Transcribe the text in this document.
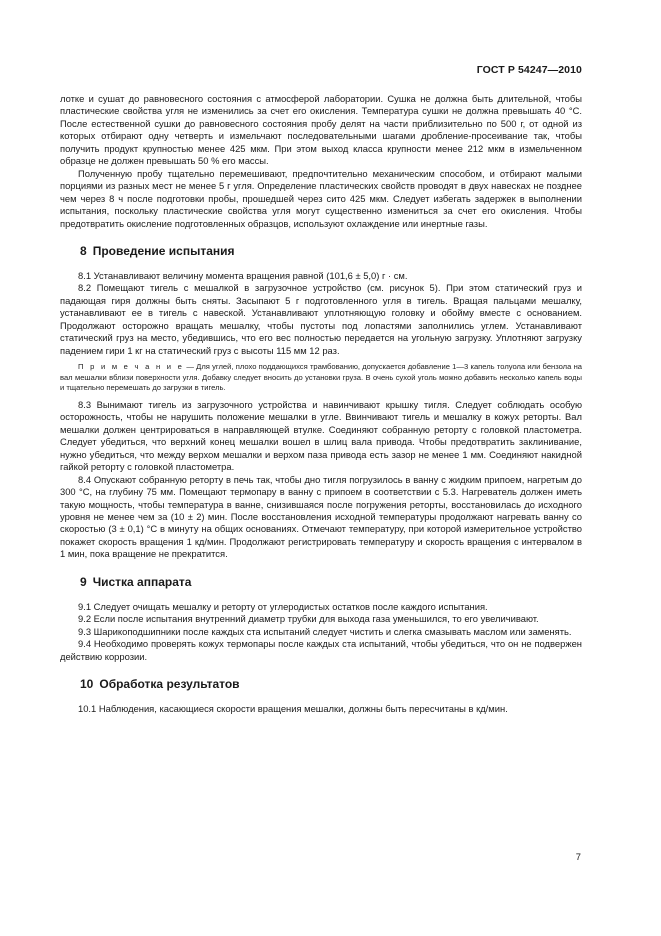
ГОСТ Р 54247—2010

лотке и сушат до равновесного состояния с атмосферой лаборатории. Сушка не должна быть длительной, чтобы пластические свойства угля не изменились за счет его окисления. Температура сушки не должна превышать 40 °С. После естественной сушки до равновесного состояния пробу делят на части приблизительно по 500 г, от одной из которых отбирают одну четверть и измельчают последовательными шагами дробление-просеивание так, чтобы получить продукт крупностью менее 425 мкм. При этом выход класса крупности менее 212 мкм в измельченном образце не должен превышать 50 % его массы.

Полученную пробу тщательно перемешивают, предпочтительно механическим способом, и отбирают малыми порциями из разных мест не менее 5 г угля. Определение пластических свойств проводят в двух навесках не позднее чем через 8 ч после подготовки пробы, прошедшей через сито 425 мкм. Следует избегать задержек в выполнении испытания, поскольку пластические свойства угля могут существенно измениться за счет его окисления. Чтобы предотвратить окисление подготовленных образцов, используют охлаждение или инертные газы.

8 Проведение испытания

8.1 Устанавливают величину момента вращения равной (101,6 ± 5,0) г · см.

8.2 Помещают тигель с мешалкой в загрузочное устройство (см. рисунок 5). При этом статический груз и падающая гиря должны быть сняты. Засыпают 5 г подготовленного угля в тигель. Вращая пальцами мешалку, устанавливают ее в тигель с навеской. Устанавливают уплотняющую головку и обойму вместе с основанием. Продолжают осторожно вращать мешалку, чтобы пустоты под лопастями заполнились углем. Устанавливают статический груз на место, убедившись, что его вес полностью передается на угольную загрузку. Уплотняют загрузку падением гири 1 кг на статический груз с высоты 115 мм 12 раз.

П р и м е ч а н и е — Для углей, плохо поддающихся трамбованию, допускается добавление 1—3 капель толуола или бензола на вал мешалки вблизи поверхности угля. Добавку следует вносить до установки груза. В очень сухой уголь можно добавить несколько капель воды и тщательно перемешать до загрузки в тигель.

8.3 Вынимают тигель из загрузочного устройства и навинчивают крышку тигля. Следует соблюдать особую осторожность, чтобы не нарушить положение мешалки в угле. Ввинчивают тигель и мешалку в кожух реторты. Вал мешалки должен центрироваться в направляющей втулке. Соединяют собранную реторту с головкой пластометра. Следует убедиться, что верхний конец мешалки вошел в шлиц вала привода. Чтобы предотвратить заклинивание, нужно убедиться, что между верхом мешалки и верхом паза привода есть зазор не менее 1 мм. Соединяют накидной гайкой реторту с головкой пластометра.

8.4 Опускают собранную реторту в печь так, чтобы дно тигля погрузилось в ванну с жидким припоем, нагретым до 300 °С, на глубину 75 мм. Помещают термопару в ванну с припоем в соответствии с 5.3. Нагреватель должен иметь такую мощность, чтобы температура в ванне, снизившаяся после погружения реторты, восстановилась до исходного уровня не менее чем за (10 ± 2) мин. После восстановления исходной температуры продолжают нагревать ванну со скоростью (3 ± 0,1) °С в минуту на общих основаниях. Отмечают температуру, при которой измерительное устройство покажет скорость вращения 1 кд/мин. Продолжают регистрировать температуру и скорость вращения с интервалом в 1 мин, пока вращение не прекратится.

9 Чистка аппарата

9.1 Следует очищать мешалку и реторту от углеродистых остатков после каждого испытания.

9.2 Если после испытания внутренний диаметр трубки для выхода газа уменьшился, то его увеличивают.

9.3 Шарикоподшипники после каждых ста испытаний следует чистить и слегка смазывать маслом или заменять.

9.4 Необходимо проверять кожух термопары после каждых ста испытаний, чтобы убедиться, что он не подвержен действию коррозии.

10 Обработка результатов

10.1 Наблюдения, касающиеся скорости вращения мешалки, должны быть пересчитаны в кд/мин.

7
